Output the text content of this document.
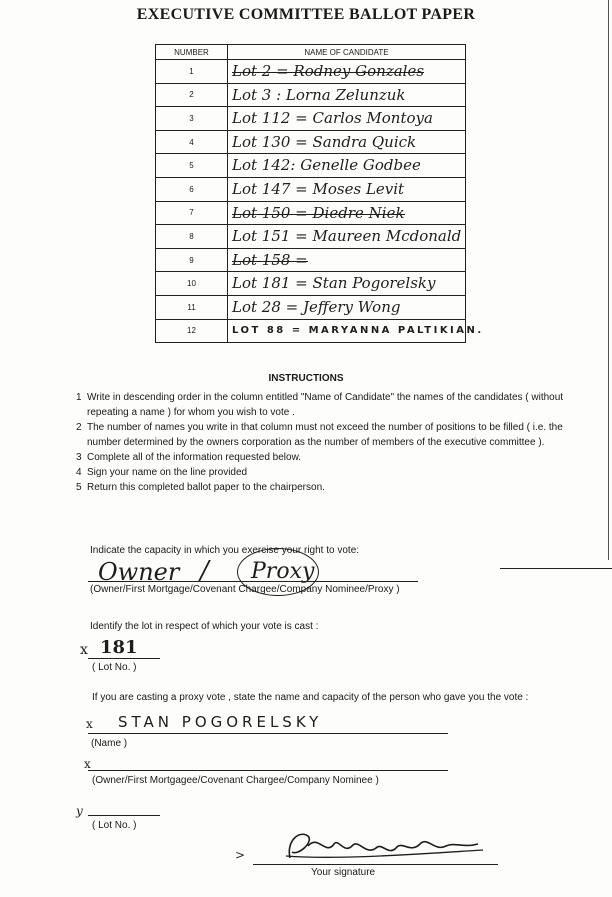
EXECUTIVE COMMITTEE BALLOT PAPER
NUMBER	NAME OF CANDIDATE
1	Lot 2 = Rodney Gonzales

2	Lot 3 : Lorna Zelunzuk

3	Lot 112 = Carlos Montoya

4	Lot 130 = Sandra Quick

5	Lot 142: Genelle Godbee

6	Lot 147 = Moses Levit

7	Lot 150 = Diedre Niek

8	Lot 151 = Maureen Mcdonald

9	Lot 158 =

10	Lot 181 = Stan Pogorelsky

11	Lot 28 = Jeffery Wong

12	LOT 88 = MARYANNA PALTIKIAN.
INSTRUCTIONS
1 Write in descending order in the column entitled "Name of Candidate" the names of the candidates ( without repeating a name ) for whom you wish to vote .
2 The number of names you write in that column must not exceed the number of positions to be filled ( i.e. the number determined by the owners corporation as the number of members of the executive committee ).
3 Complete all of the information requested below.
4 Sign your name on the line provided
5 Return this completed ballot paper to the chairperson.
Indicate the capacity in which you exercise your right to vote:
Owner / Proxy
(Owner/First Mortgage/Covenant Chargee/Company Nominee/Proxy )
Identify the lot in respect of which your vote is cast :
x 181
( Lot No. )
If you are casting a proxy vote , state the name and capacity of the person who gave you the vote :
x STAN POGORELSKY
(Name )
x
(Owner/First Mortgagee/Covenant Chargee/Company Nominee )
y
( Lot No. )
>
Your signature
